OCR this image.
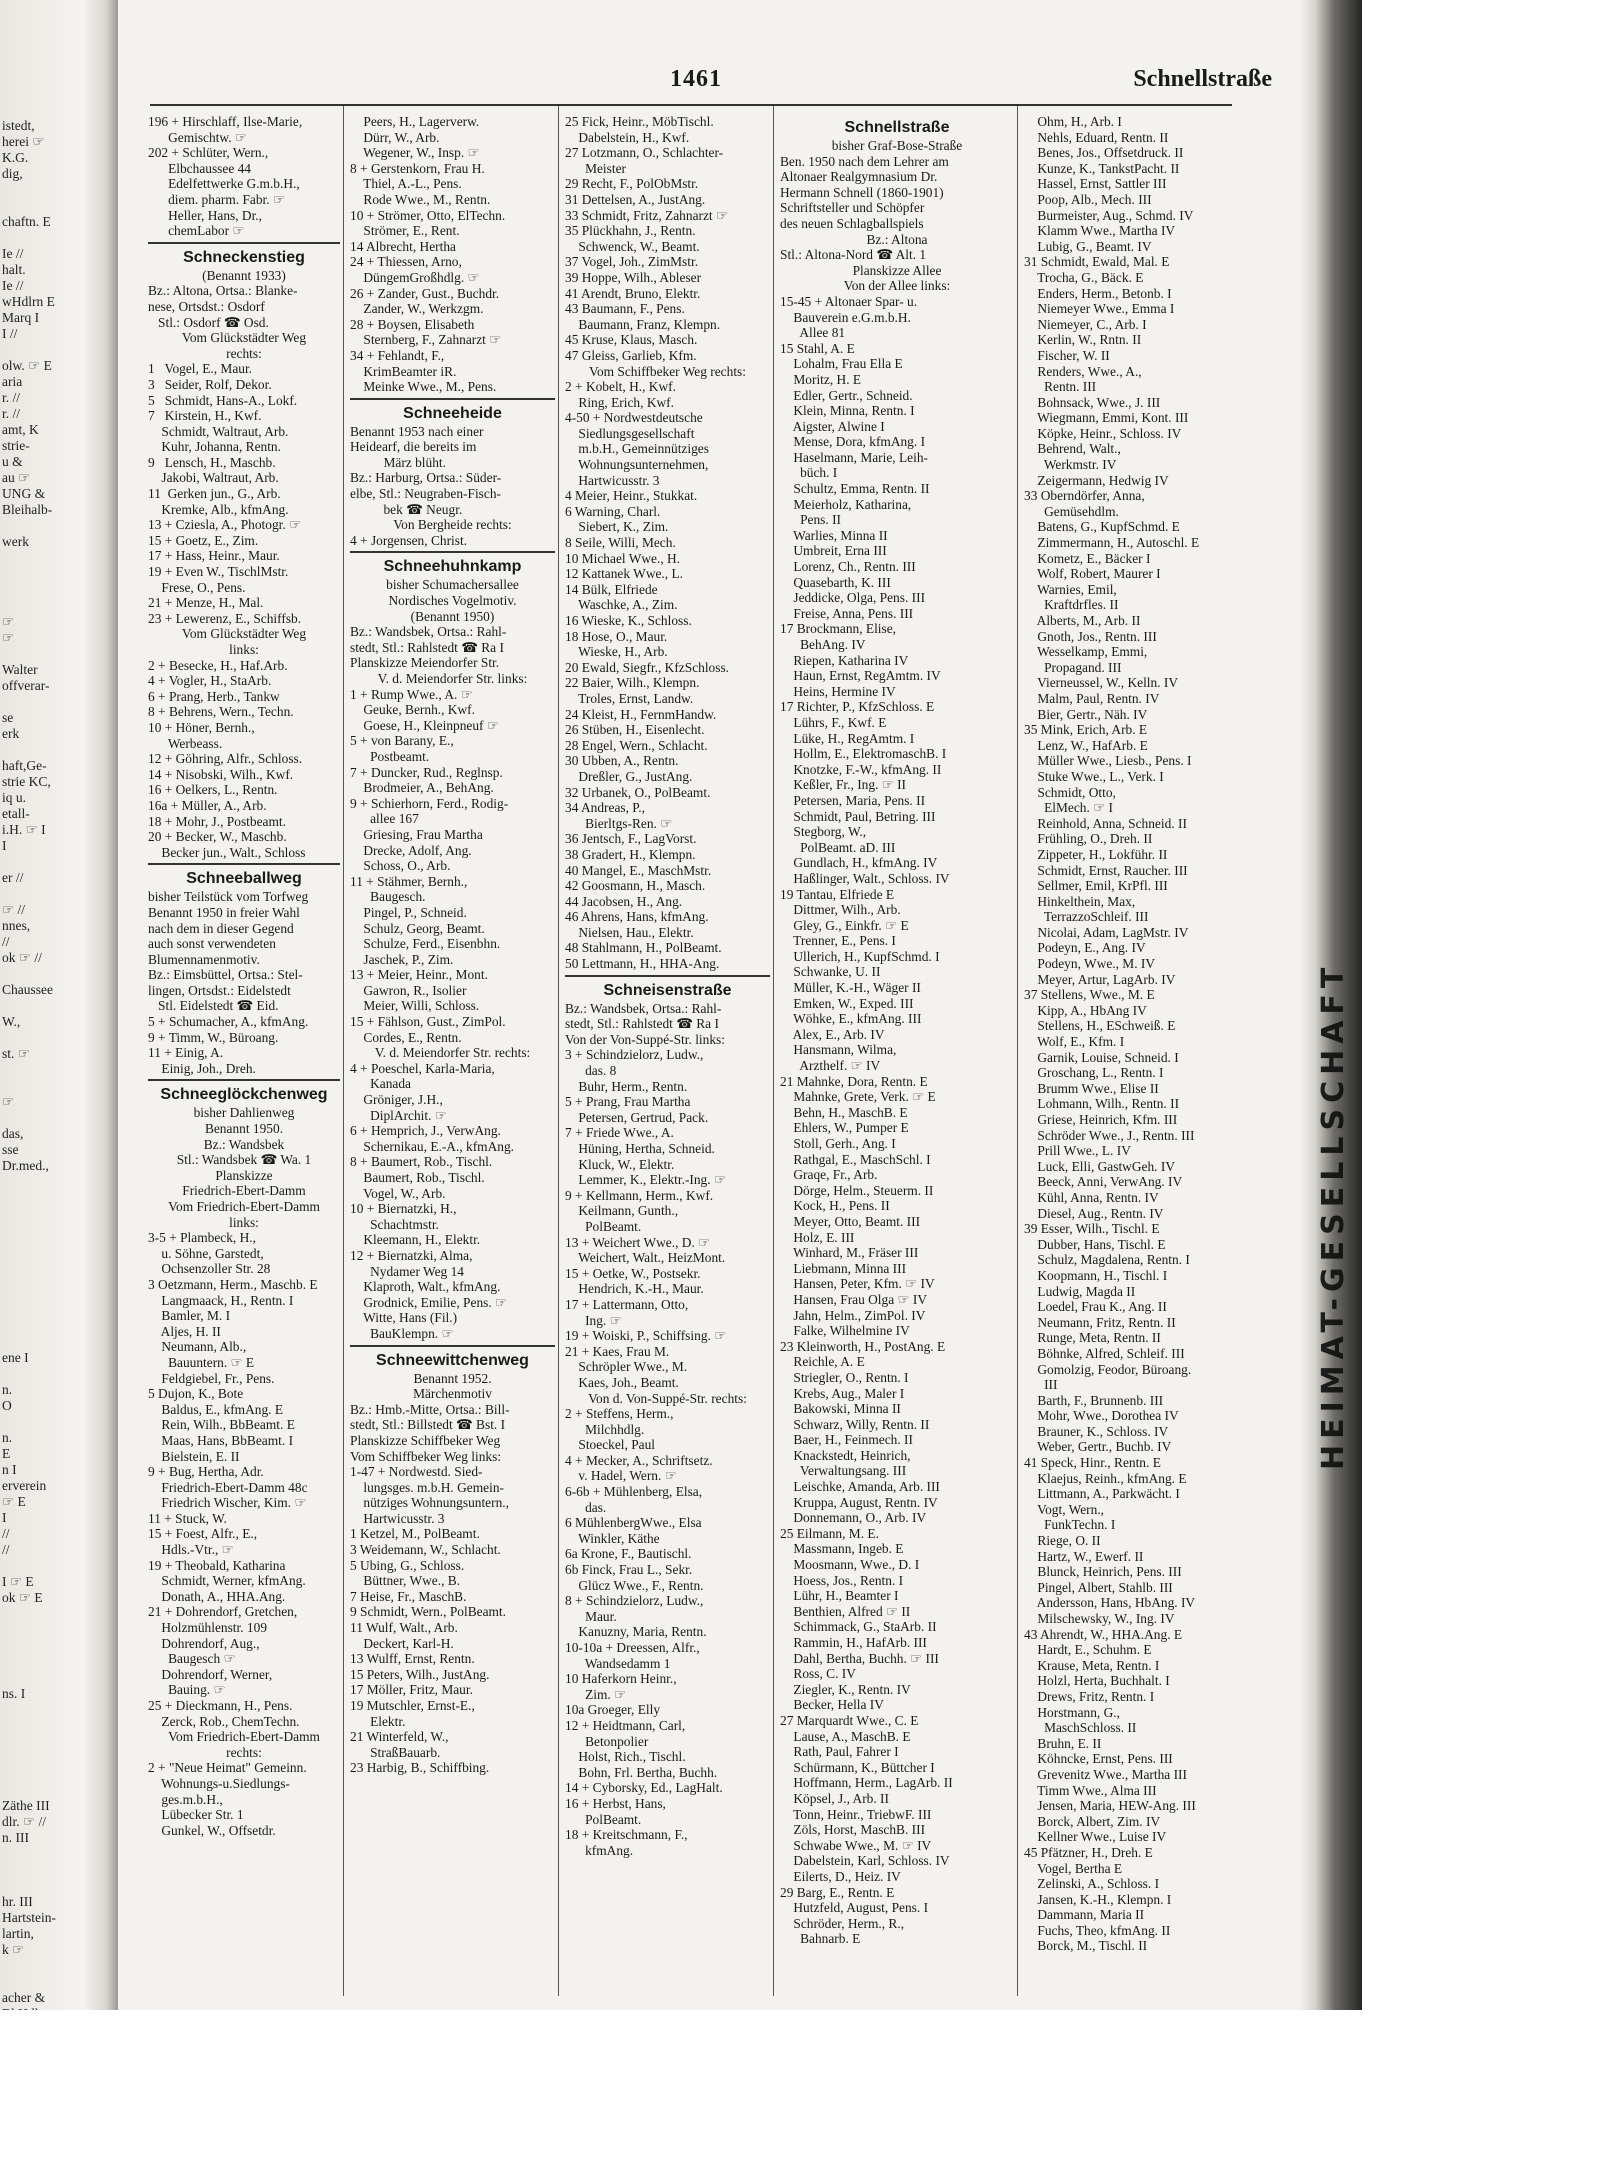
istedt,
herei ☞
K.G.
dig,
chaftn. E
Ie //
halt.
Ie //
wHdlrn E
Marq I
I //
olw. ☞ E
aria
r. //
r. //
amt, K
strie-
u &
au ☞
UNG &
Bleihalb-
werk
☞
☞
Walter
offverar-
se
erk
haft,Ge-
strie KC,
iq u.
etall-
i.H. ☞ I
I
er //
☞ //
nnes,
//
ok ☞ //
Chaussee
W.,
st. ☞
☞
das,
sse
Dr.med.,
ene I
n.
O
n.
E
n I
erverein
☞ E
I
//
//
I ☞ E
ok ☞ E
ns. I
Zäthe III
dlr. ☞ //
n. III
hr. III
Hartstein-
lartin,
k ☞
acher &
1461	Schnellstraße
196 + Hirschlaff, Ilse-Marie,
Gemischtw. ☞
202 + Schlüter, Wern.,
Elbchaussee 44
Edelfettwerke G.m.b.H.,
diem. pharm. Fabr. ☞
Heller, Hans, Dr.,
chemLabor ☞
Schneckenstieg
(Benannt 1933)
Bz.: Altona, Ortsa.: Blanke-
nese, Ortsdst.: Osdorf
Stl.: Osdorf ☎ Osd.
Vom Glückstädter Weg
rechts:
1   Vogel, E., Maur.
3   Seider, Rolf, Dekor.
5   Schmidt, Hans-A., Lokf.
7   Kirstein, H., Kwf.
Schmidt, Waltraut, Arb.
Kuhr, Johanna, Rentn.
9   Lensch, H., Maschb.
Jakobi, Waltraut, Arb.
11  Gerken jun., G., Arb.
Kremke, Alb., kfmAng.
13 + Cziesla, A., Photogr. ☞
15 + Goetz, E., Zim.
17 + Hass, Heinr., Maur.
19 + Even W., TischlMstr.
Frese, O., Pens.
21 + Menze, H., Mal.
23 + Lewerenz, E., Schiffsb.
Vom Glückstädter Weg
links:
2 + Besecke, H., Haf.Arb.
4 + Vogler, H., StaArb.
6 + Prang, Herb., Tankw
8 + Behrens, Wern., Techn.
10 + Höner, Bernh.,
Werbeass.
12 + Göhring, Alfr., Schloss.
14 + Nisobski, Wilh., Kwf.
16 + Oelkers, L., Rentn.
16a + Müller, A., Arb.
18 + Mohr, J., Postbeamt.
20 + Becker, W., Maschb.
Becker jun., Walt., Schloss
Schneeballweg
bisher Teilstück vom Torfweg
Benannt 1950 in freier Wahl
nach dem in dieser Gegend
auch sonst verwendeten
Blumennamenmotiv.
Bz.: Eimsbüttel, Ortsa.: Stel-
lingen, Ortsdst.: Eidelstedt
Stl. Eidelstedt ☎ Eid.
5 + Schumacher, A., kfmAng.
9 + Timm, W., Büroang.
11 + Einig, A.
Einig, Joh., Dreh.
Schneeglöckchenweg
bisher Dahlienweg
Benannt 1950.
Bz.: Wandsbek
Stl.: Wandsbek ☎ Wa. 1
Planskizze
Friedrich-Ebert-Damm
Vom Friedrich-Ebert-Damm
links:
3-5 + Plambeck, H.,
u. Söhne, Garstedt,
Ochsenzoller Str. 28
3 Oetzmann, Herm., Maschb. E
Langmaack, H., Rentn. I
Bamler, M. I
Aljes, H. II
Neumann, Alb.,
Bauuntern. ☞ E
Feldgiebel, Fr., Pens.
5 Dujon, K., Bote
Baldus, E., kfmAng. E
Rein, Wilh., BbBeamt. E
Maas, Hans, BbBeamt. I
Bielstein, E. II
9 + Bug, Hertha, Adr.
Friedrich-Ebert-Damm 48c
Friedrich Wischer, Kim. ☞
11 + Stuck, W.
15 + Foest, Alfr., E.,
Hdls.-Vtr., ☞
19 + Theobald, Katharina
Schmidt, Werner, kfmAng.
Donath, A., HHA.Ang.
21 + Dohrendorf, Gretchen,
Holzmühlenstr. 109
Dohrendorf, Aug.,
Baugesch ☞
Dohrendorf, Werner,
Bauing. ☞
25 + Dieckmann, H., Pens.
Zerck, Rob., ChemTechn.
Vom Friedrich-Ebert-Damm
rechts:
2 + "Neue Heimat" Gemeinn.
Wohnungs-u.Siedlungs-
ges.m.b.H.,
Lübecker Str. 1
Gunkel, W., Offsetdr.
Peers, H., Lagerverw.
Dürr, W., Arb.
Wegener, W., Insp. ☞
8 + Gerstenkorn, Frau H.
Thiel, A.-L., Pens.
Rode Wwe., M., Rentn.
10 + Strömer, Otto, ElTechn.
Strömer, E., Rent.
14 Albrecht, Hertha
24 + Thiessen, Arno,
DüngemGroßhdlg. ☞
26 + Zander, Gust., Buchdr.
Zander, W., Werkzgm.
28 + Boysen, Elisabeth
Sternberg, F., Zahnarzt ☞
34 + Fehlandt, F.,
KrimBeamter iR.
Meinke Wwe., M., Pens.
Schneeheide
Benannt 1953 nach einer
Heidearf, die bereits im
März blüht.
Bz.: Harburg, Ortsa.: Süder-
elbe, Stl.: Neugraben-Fisch-
bek ☎ Neugr.
Von Bergheide rechts:
4 + Jorgensen, Christ.
Schneehuhnkamp
bisher Schumachersallee
Nordisches Vogelmotiv.
(Benannt 1950)
Bz.: Wandsbek, Ortsa.: Rahl-
stedt, Stl.: Rahlstedt ☎ Ra I
Planskizze Meiendorfer Str.
V. d. Meiendorfer Str. links:
1 + Rump Wwe., A. ☞
Geuke, Bernh., Kwf.
Goese, H., Kleinpneuf ☞
5 + von Barany, E.,
Postbeamt.
7 + Duncker, Rud., Reglnsp.
Brodmeier, A., BehAng.
9 + Schierhorn, Ferd., Rodig-
allee 167
Griesing, Frau Martha
Drecke, Adolf, Ang.
Schoss, O., Arb.
11 + Stähmer, Bernh.,
Baugesch.
Pingel, P., Schneid.
Schulz, Georg, Beamt.
Schulze, Ferd., Eisenbhn.
Jaschek, P., Zim.
13 + Meier, Heinr., Mont.
Gawron, R., Isolier
Meier, Willi, Schloss.
15 + Fählson, Gust., ZimPol.
Cordes, E., Rentn.
V. d. Meiendorfer Str. rechts:
4 + Poeschel, Karla-Maria,
Kanada
Gröniger, J.H.,
DiplArchit. ☞
6 + Hemprich, J., VerwAng.
Schernikau, E.-A., kfmAng.
8 + Baumert, Rob., Tischl.
Baumert, Rob., Tischl.
Vogel, W., Arb.
10 + Biernatzki, H.,
Schachtmstr.
Kleemann, H., Elektr.
12 + Biernatzki, Alma,
Nydamer Weg 14
Klaproth, Walt., kfmAng.
Grodnick, Emilie, Pens. ☞
Witte, Hans (Fil.)
BauKlempn. ☞
Schneewittchenweg
Benannt 1952.
Märchenmotiv
Bz.: Hmb.-Mitte, Ortsa.: Bill-
stedt, Stl.: Billstedt ☎ Bst. I
Planskizze Schiffbeker Weg
Vom Schiffbeker Weg links:
1-47 + Nordwestd. Sied-
lungsges. m.b.H. Gemein-
nütziges Wohnungsuntern.,
Hartwicusstr. 3
1 Ketzel, M., PolBeamt.
3 Weidemann, W., Schlacht.
5 Ubing, G., Schloss.
Büttner, Wwe., B.
7 Heise, Fr., MaschB.
9 Schmidt, Wern., PolBeamt.
11 Wulf, Walt., Arb.
Deckert, Karl-H.
13 Wulff, Ernst, Rentn.
15 Peters, Wilh., JustAng.
17 Möller, Fritz, Maur.
19 Mutschler, Ernst-E.,
Elektr.
21 Winterfeld, W.,
StraßBauarb.
23 Harbig, B., Schiffbing.
25 Fick, Heinr., MöbTischl.
Dabelstein, H., Kwf.
27 Lotzmann, O., Schlachter-
Meister
29 Recht, F., PolObMstr.
31 Dettelsen, A., JustAng.
33 Schmidt, Fritz, Zahnarzt ☞
35 Plückhahn, J., Rentn.
Schwenck, W., Beamt.
37 Vogel, Joh., ZimMstr.
39 Hoppe, Wilh., Ableser
41 Arendt, Bruno, Elektr.
43 Baumann, F., Pens.
Baumann, Franz, Klempn.
45 Kruse, Klaus, Masch.
47 Gleiss, Garlieb, Kfm.
Vom Schiffbeker Weg rechts:
2 + Kobelt, H., Kwf.
Ring, Erich, Kwf.
4-50 + Nordwestdeutsche
Siedlungsgesellschaft
m.b.H., Gemeinnütziges
Wohnungsunternehmen,
Hartwicusstr. 3
4 Meier, Heinr., Stukkat.
6 Warning, Charl.
Siebert, K., Zim.
8 Seile, Willi, Mech.
10 Michael Wwe., H.
12 Kattanek Wwe., L.
14 Bülk, Elfriede
Waschke, A., Zim.
16 Wieske, K., Schloss.
18 Hose, O., Maur.
Wieske, H., Arb.
20 Ewald, Siegfr., KfzSchloss.
22 Baier, Wilh., Klempn.
Troles, Ernst, Landw.
24 Kleist, H., FernmHandw.
26 Stüben, H., Eisenlecht.
28 Engel, Wern., Schlacht.
30 Ubben, A., Rentn.
Dreßler, G., JustAng.
32 Urbanek, O., PolBeamt.
34 Andreas, P.,
Bierltgs-Ren. ☞
36 Jentsch, F., LagVorst.
38 Gradert, H., Klempn.
40 Mangel, E., MaschMstr.
42 Goosmann, H., Masch.
44 Jacobsen, H., Ang.
46 Ahrens, Hans, kfmAng.
Nielsen, Hau., Elektr.
48 Stahlmann, H., PolBeamt.
50 Lettmann, H., HHA-Ang.
Schneisenstraße
Bz.: Wandsbek, Ortsa.: Rahl-
stedt, Stl.: Rahlstedt ☎ Ra I
Von der Von-Suppé-Str. links:
3 + Schindzielorz, Ludw.,
das. 8
Buhr, Herm., Rentn.
5 + Prang, Frau Martha
Petersen, Gertrud, Pack.
7 + Friede Wwe., A.
Hüning, Hertha, Schneid.
Kluck, W., Elektr.
Lemmer, K., Elektr.-Ing. ☞
9 + Kellmann, Herm., Kwf.
Keilmann, Gunth.,
PolBeamt.
13 + Weichert Wwe., D. ☞
Weichert, Walt., HeizMont.
15 + Oetke, W., Postsekr.
Hendrich, K.-H., Maur.
17 + Lattermann, Otto,
Ing. ☞
19 + Woiski, P., Schiffsing. ☞
21 + Kaes, Frau M.
Schröpler Wwe., M.
Kaes, Joh., Beamt.
Von d. Von-Suppé-Str. rechts:
2 + Steffens, Herm.,
Milchhdlg.
Stoeckel, Paul
4 + Mecker, A., Schriftsetz.
v. Hadel, Wern. ☞
6-6b + Mühlenberg, Elsa,
das.
6 MühlenbergWwe., Elsa
Winkler, Käthe
6a Krone, F., Bautischl.
6b Finck, Frau L., Sekr.
Glücz Wwe., F., Rentn.
8 + Schindzielorz, Ludw.,
Maur.
Kanuzny, Maria, Rentn.
10-10a + Dreessen, Alfr.,
Wandsedamm 1
10 Haferkorn Heinr.,
Zim. ☞
10a Groeger, Elly
12 + Heidtmann, Carl,
Betonpolier
Holst, Rich., Tischl.
Bohn, Frl. Bertha, Buchh.
14 + Cyborsky, Ed., LagHalt.
16 + Herbst, Hans,
PolBeamt.
18 + Kreitschmann, F.,
kfmAng.
Schnellstraße
bisher Graf-Bose-Straße
Ben. 1950 nach dem Lehrer am
Altonaer Realgymnasium Dr.
Hermann Schnell (1860-1901)
Schriftsteller und Schöpfer
des neuen Schlagballspiels
Bz.: Altona
Stl.: Altona-Nord ☎ Alt. 1
Planskizze Allee
Von der Allee links:
15-45 + Altonaer Spar- u.
Bauverein e.G.m.b.H.
Allee 81
15 Stahl, A. E
Lohalm, Frau Ella E
Moritz, H. E
Edler, Gertr., Schneid.
Klein, Minna, Rentn. I
Aigster, Alwine I
Mense, Dora, kfmAng. I
Haselmann, Marie, Leih-
büch. I
Schultz, Emma, Rentn. II
Meierholz, Katharina,
Pens. II
Warlies, Minna II
Umbreit, Erna III
Lorenz, Ch., Rentn. III
Quasebarth, K. III
Jeddicke, Olga, Pens. III
Freise, Anna, Pens. III
17 Brockmann, Elise,
BehAng. IV
Riepen, Katharina IV
Haun, Ernst, RegAmtm. IV
Heins, Hermine IV
17 Richter, P., KfzSchloss. E
Lührs, F., Kwf. E
Lüke, H., RegAmtm. I
Hollm, E., ElektromaschB. I
Knotzke, F.-W., kfmAng. II
Keßler, Fr., Ing. ☞ II
Petersen, Maria, Pens. II
Schmidt, Paul, Betring. III
Stegborg, W.,
PolBeamt. aD. III
Gundlach, H., kfmAng. IV
Haßlinger, Walt., Schloss. IV
19 Tantau, Elfriede E
Dittmer, Wilh., Arb.
Gley, G., Einkfr. ☞ E
Trenner, E., Pens. I
Ullerich, H., KupfSchmd. I
Schwanke, U. II
Müller, K.-H., Wäger II
Emken, W., Exped. III
Wöhke, E., kfmAng. III
Alex, E., Arb. IV
Hansmann, Wilma,
Arzthelf. ☞ IV
21 Mahnke, Dora, Rentn. E
Mahnke, Grete, Verk. ☞ E
Behn, H., MaschB. E
Ehlers, W., Pumper E
Stoll, Gerh., Ang. I
Rathgal, E., MaschSchl. I
Graqe, Fr., Arb.
Dörge, Helm., Steuerm. II
Kock, H., Pens. II
Meyer, Otto, Beamt. III
Holz, E. III
Winhard, M., Fräser III
Liebmann, Minna III
Hansen, Peter, Kfm. ☞ IV
Hansen, Frau Olga ☞ IV
Jahn, Helm., ZimPol. IV
Falke, Wilhelmine IV
23 Kleinworth, H., PostAng. E
Reichle, A. E
Striegler, O., Rentn. I
Krebs, Aug., Maler I
Bakowski, Minna II
Schwarz, Willy, Rentn. II
Baer, H., Feinmech. II
Knackstedt, Heinrich,
Verwaltungsang. III
Leischke, Amanda, Arb. III
Kruppa, August, Rentn. IV
Donnemann, O., Arb. IV
25 Eilmann, M. E.
Massmann, Ingeb. E
Moosmann, Wwe., D. I
Hoess, Jos., Rentn. I
Lühr, H., Beamter I
Benthien, Alfred ☞ II
Schimmack, G., StaArb. II
Rammin, H., HafArb. III
Dahl, Bertha, Buchh. ☞ III
Ross, C. IV
Ziegler, K., Rentn. IV
Becker, Hella IV
27 Marquardt Wwe., C. E
Lause, A., MaschB. E
Rath, Paul, Fahrer I
Schürmann, K., Büttcher I
Hoffmann, Herm., LagArb. II
Köpsel, J., Arb. II
Tonn, Heinr., TriebwF. III
Zöls, Horst, MaschB. III
Schwabe Wwe., M. ☞ IV
Dabelstein, Karl, Schloss. IV
Eilerts, D., Heiz. IV
29 Barg, E., Rentn. E
Hutzfeld, August, Pens. I
Schröder, Herm., R.,
Bahnarb. E
Ohm, H., Arb. I
Nehls, Eduard, Rentn. II
Benes, Jos., Offsetdruck. II
Kunze, K., TankstPacht. II
Hassel, Ernst, Sattler III
Poop, Alb., Mech. III
Burmeister, Aug., Schmd. IV
Klamm Wwe., Martha IV
Lubig, G., Beamt. IV
31 Schmidt, Ewald, Mal. E
Trocha, G., Bäck. E
Enders, Herm., Betonb. I
Niemeyer Wwe., Emma I
Niemeyer, C., Arb. I
Kerlin, W., Rntn. II
Fischer, W. II
Renders, Wwe., A.,
Rentn. III
Bohnsack, Wwe., J. III
Wiegmann, Emmi, Kont. III
Köpke, Heinr., Schloss. IV
Behrend, Walt.,
Werkmstr. IV
Zeigermann, Hedwig IV
33 Oberndörfer, Anna,
Gemüsehdlm.
Batens, G., KupfSchmd. E
Zimmermann, H., Autoschl. E
Kometz, E., Bäcker I
Wolf, Robert, Maurer I
Warnies, Emil,
Kraftdrfles. II
Alberts, M., Arb. II
Gnoth, Jos., Rentn. III
Wesselkamp, Emmi,
Propagand. III
Vierneussel, W., Kelln. IV
Malm, Paul, Rentn. IV
Bier, Gertr., Näh. IV
35 Mink, Erich, Arb. E
Lenz, W., HafArb. E
Müller Wwe., Liesb., Pens. I
Stuke Wwe., L., Verk. I
Schmidt, Otto,
ElMech. ☞ I
Reinhold, Anna, Schneid. II
Frühling, O., Dreh. II
Zippeter, H., Lokführ. II
Schmidt, Ernst, Raucher. III
Sellmer, Emil, KrPfl. III
Hinkelthein, Max,
TerrazzoSchleif. III
Nicolai, Adam, LagMstr. IV
Podeyn, E., Ang. IV
Podeyn, Wwe., M. IV
Meyer, Artur, LagArb. IV
37 Stellens, Wwe., M. E
Kipp, A., HbAng IV
Stellens, H., ESchweiß. E
Wolf, E., Kfm. I
Garnik, Louise, Schneid. I
Groschang, L., Rentn. I
Brumm Wwe., Elise II
Lohmann, Wilh., Rentn. II
Griese, Heinrich, Kfm. III
Schröder Wwe., J., Rentn. III
Prill Wwe., L. IV
Luck, Elli, GastwGeh. IV
Beeck, Anni, VerwAng. IV
Kühl, Anna, Rentn. IV
Diesel, Aug., Rentn. IV
39 Esser, Wilh., Tischl. E
Dubber, Hans, Tischl. E
Schulz, Magdalena, Rentn. I
Koopmann, H., Tischl. I
Ludwig, Magda II
Loedel, Frau K., Ang. II
Neumann, Fritz, Rentn. II
Runge, Meta, Rentn. II
Böhnke, Alfred, Schleif. III
Gomolzig, Feodor, Büroang.
III
Barth, F., Brunnenb. III
Mohr, Wwe., Dorothea IV
Brauner, K., Schloss. IV
Weber, Gertr., Buchb. IV
41 Speck, Hinr., Rentn. E
Klaejus, Reinh., kfmAng. E
Littmann, A., Parkwächt. I
Vogt, Wern.,
FunkTechn. I
Riege, O. II
Hartz, W., Ewerf. II
Blunck, Heinrich, Pens. III
Pingel, Albert, Stahlb. III
Andersson, Hans, HbAng. IV
Milschewsky, W., Ing. IV
43 Ahrendt, W., HHA.Ang. E
Hardt, E., Schuhm. E
Krause, Meta, Rentn. I
Holzl, Herta, Buchhalt. I
Drews, Fritz, Rentn. I
Horstmann, G.,
MaschSchloss. II
Bruhn, E. II
Köhncke, Ernst, Pens. III
Grevenitz Wwe., Martha III
Timm Wwe., Alma III
Jensen, Maria, HEW-Ang. III
Borck, Albert, Zim. IV
Kellner Wwe., Luise IV
45 Pfätzner, H., Dreh. E
Vogel, Bertha E
Zelinski, A., Schloss. I
Jansen, K.-H., Klempn. I
Dammann, Maria II
Fuchs, Theo, kfmAng. II
Borck, M., Tischl. II
HEIMAT-GESELLSCHAFT
